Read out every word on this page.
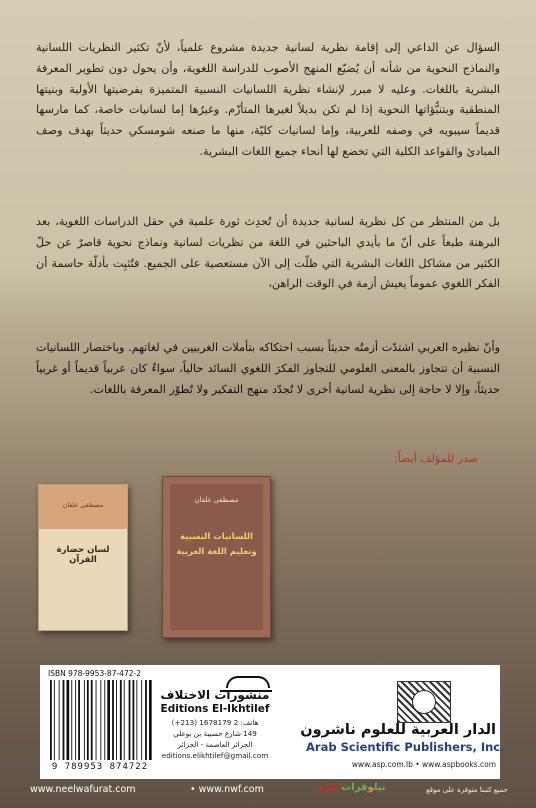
السؤال عن الداعي إلى إقامة نظرية لسانية جديدة مشروع علمياً، لأنّ تكثير النظريات اللسانية والنماذج النحوية من شأنه أن يُضيّع المنهج الأصوب للدراسة اللغوية، وأن يحول دون تطوير المعرفة البشرية باللغات. وعليه لا مبرر لإنشاء نظرية اللسانيات النسبية المتميزة بفرضيتها الأولية وبنيتها المنطقية وبتنبُّؤاتها النحوية إذا لم تكن بديلاً لغيرها المتأزّم. وغيرُها إما لسانيات خاصة، كما مارسها قديماً سيبويه في وصفه للعربية، وإما لسانيات كليّة، منها ما صنعه شومسكي حديثاً بهدف وصف المبادئ والقواعد الكلية التي تخضع لها أنحاء جميع اللغات البشرية.

بل من المنتظر من كل نظرية لسانية جديدة أن تُحدِث ثورة علمية في حقل الدراسات اللغوية، بعد البرهنة طبعاً على أنّ ما بأيدي الباحثين في اللغة من نظريات لسانية ونماذج نحوية قاصرٌ عن حلّ الكثير من مشاكل اللغات البشرية التي ظلّت إلى الآن مستعصية على الجميع. فتُثبِت بأدلّة حاسمة أن الفكر اللغوي عموماً يعيش أزمة في الوقت الراهن،

وأنّ نظيره العربي اشتدّت أزمتُه حديثاً بسبب احتكاكه بتأملات الغربيين في لغاتهم. وباختصار اللسانيات النسبية أن تتجاوز بالمعنى العلومي للتجاوز الفكرَ اللغوي السائد حالياً، سواءٌ كان عربياً قديماً أو غربياً حديثاً، وإلا لا حاجة إلى نظرية لسانية أخرى لا تُجدّد منهج التفكير ولا تُطوّر المعرفة باللغات.

صدر للمؤلف أيضاً:
مصطفى غلفان
اللسانيات النسبية وتعليم اللغة العربية
مصطفى غلفان
لسان حضارة القرآن
الدار العربية للعلوم ناشرون
Arab Scientific Publishers, Inc.
www.asp.com.lb • www.aspbooks.com
منشورات الاختلاف
Editions El-Ikhtilef
هاتف: 2 1678179 (213+)
149 شارع حسيبة بن بوعلي
الجزائر العاصمة - الجزائر
editions.elikhtilef@gmail.com
ISBN 978-9953-87-472-2
9 789953 874722
www.neelwafurat.com	• www.nwf.com	نيلوفرات.كوم	جميع كتبنا متوفرة على موقع
